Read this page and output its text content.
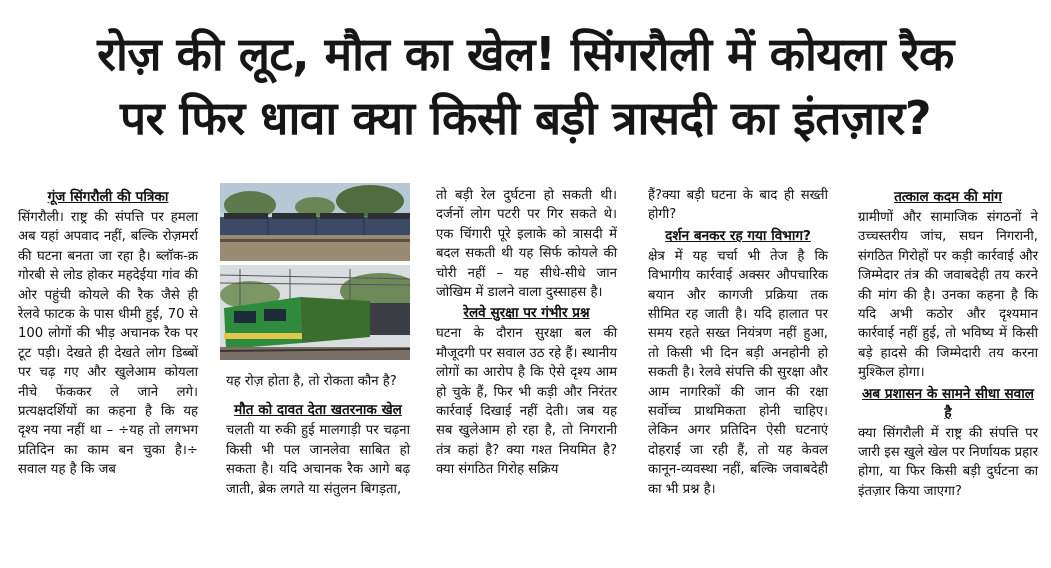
रोज़ की लूट, मौत का खेल! सिंगरौली में कोयला रैक
पर फिर धावा क्या किसी बड़ी त्रासदी का इंतज़ार?
गूंज सिंगरौली की पत्रिका

सिंगरौली। राष्ट्र की संपत्ति पर हमला अब यहां अपवाद नहीं, बल्कि रोज़मर्रा की घटना बनता जा रहा है। ब्लॉक-क्र गोरबी से लोड होकर महदेईया गांव की ओर पहुंची कोयले की रैक जैसे ही रेलवे फाटक के पास धीमी हुई, 70 से 100 लोगों की भीड़ अचानक रैक पर टूट पड़ी। देखते ही देखते लोग डिब्बों पर चढ़ गए और खुलेआम कोयला नीचे फेंककर ले जाने लगे। प्रत्यक्षदर्शियों का कहना है कि यह दृश्य नया नहीं था – ÷यह तो लगभग प्रतिदिन का काम बन चुका है।÷ सवाल यह है कि जब

यह रोज़ होता है, तो रोकता कौन है?

मौत को दावत देता खतरनाक खेल

चलती या रुकी हुई मालगाड़ी पर चढ़ना किसी भी पल जानलेवा साबित हो सकता है। यदि अचानक रैक आगे बढ़ जाती, ब्रेक लगते या संतुलन बिगड़ता,

तो बड़ी रेल दुर्घटना हो सकती थी। दर्जनों लोग पटरी पर गिर सकते थे। एक चिंगारी पूरे इलाके को त्रासदी में बदल सकती थी यह सिर्फ कोयले की चोरी नहीं – यह सीधे-सीधे जान जोखिम में डालने वाला दुस्साहस है।

रेलवे सुरक्षा पर गंभीर प्रश्न

घटना के दौरान सुरक्षा बल की मौजूदगी पर सवाल उठ रहे हैं। स्थानीय लोगों का आरोप है कि ऐसे दृश्य आम हो चुके हैं, फिर भी कड़ी और निरंतर कार्रवाई दिखाई नहीं देती। जब यह सब खुलेआम हो रहा है, तो निगरानी तंत्र कहां है? क्या गश्त नियमित है?क्या संगठित गिरोह सक्रिय

हैं?क्या बड़ी घटना के बाद ही सख्ती होगी?

दर्शन बनकर रह गया विभाग?

क्षेत्र में यह चर्चा भी तेज है कि विभागीय कार्रवाई अक्सर औपचारिक बयान और कागजी प्रक्रिया तक सीमित रह जाती है। यदि हालात पर समय रहते सख्त नियंत्रण नहीं हुआ, तो किसी भी दिन बड़ी अनहोनी हो सकती है। रेलवे संपत्ति की सुरक्षा और आम नागरिकों की जान की रक्षा सर्वोच्च प्राथमिकता होनी चाहिए। लेकिन अगर प्रतिदिन ऐसी घटनाएं दोहराई जा रही हैं, तो यह केवल कानून-व्यवस्था नहीं, बल्कि जवाबदेही का भी प्रश्न है।

तत्काल कदम की मांग

ग्रामीणों और सामाजिक संगठनों ने उच्चस्तरीय जांच, सघन निगरानी, संगठित गिरोहों पर कड़ी कार्रवाई और जिम्मेदार तंत्र की जवाबदेही तय करने की मांग की है। उनका कहना है कि यदि अभी कठोर और दृश्यमान कार्रवाई नहीं हुई, तो भविष्य में किसी बड़े हादसे की जिम्मेदारी तय करना मुश्किल होगा।

अब प्रशासन के सामने सीधा सवाल है

क्या सिंगरौली में राष्ट्र की संपत्ति पर जारी इस खुले खेल पर निर्णायक प्रहार होगा, या फिर किसी बड़ी दुर्घटना का इंतज़ार किया जाएगा?
